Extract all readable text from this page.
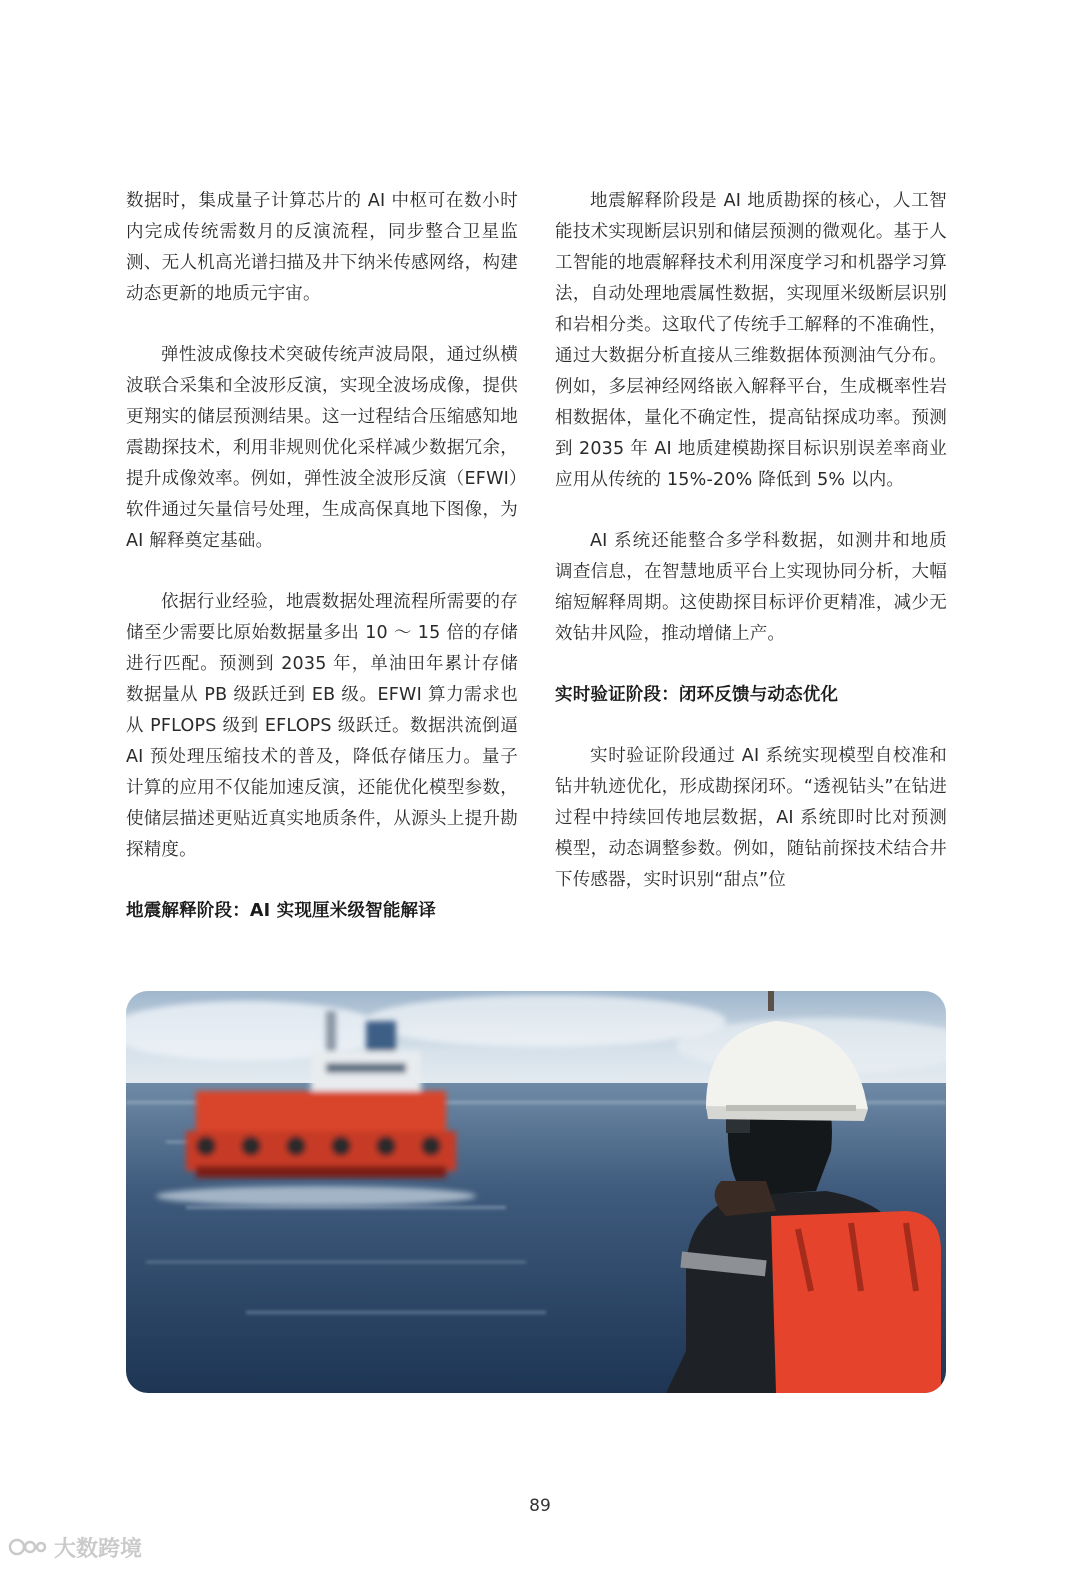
数据时，集成量子计算芯片的 AI 中枢可在数小时内完成传统需数月的反演流程，同步整合卫星监测、无人机高光谱扫描及井下纳米传感网络，构建动态更新的地质元宇宙。

弹性波成像技术突破传统声波局限，通过纵横波联合采集和全波形反演，实现全波场成像，提供更翔实的储层预测结果。这一过程结合压缩感知地震勘探技术，利用非规则优化采样减少数据冗余，提升成像效率。例如，弹性波全波形反演（EFWI）软件通过矢量信号处理，生成高保真地下图像，为 AI 解释奠定基础。

依据行业经验，地震数据处理流程所需要的存储至少需要比原始数据量多出 10 ～ 15 倍的存储进行匹配。预测到 2035 年，单油田年累计存储数据量从 PB 级跃迁到 EB 级。EFWI 算力需求也从 PFLOPS 级到 EFLOPS 级跃迁。数据洪流倒逼 AI 预处理压缩技术的普及，降低存储压力。量子计算的应用不仅能加速反演，还能优化模型参数，使储层描述更贴近真实地质条件，从源头上提升勘探精度。

地震解释阶段：AI 实现厘米级智能解译

地震解释阶段是 AI 地质勘探的核心，人工智能技术实现断层识别和储层预测的微观化。基于人工智能的地震解释技术利用深度学习和机器学习算法，自动处理地震属性数据，实现厘米级断层识别和岩相分类。这取代了传统手工解释的不准确性，通过大数据分析直接从三维数据体预测油气分布。例如，多层神经网络嵌入解释平台，生成概率性岩相数据体，量化不确定性，提高钻探成功率。预测到 2035 年 AI 地质建模勘探目标识别误差率商业应用从传统的 15%-20% 降低到 5% 以内。

AI 系统还能整合多学科数据，如测井和地质调查信息，在智慧地质平台上实现协同分析，大幅缩短解释周期。这使勘探目标评价更精准，减少无效钻井风险，推动增储上产。

实时验证阶段：闭环反馈与动态优化

实时验证阶段通过 AI 系统实现模型自校准和钻井轨迹优化，形成勘探闭环。“透视钻头”在钻进过程中持续回传地层数据，AI 系统即时比对预测模型，动态调整参数。例如，随钻前探技术结合井下传感器，实时识别“甜点”位

89
大数跨境
